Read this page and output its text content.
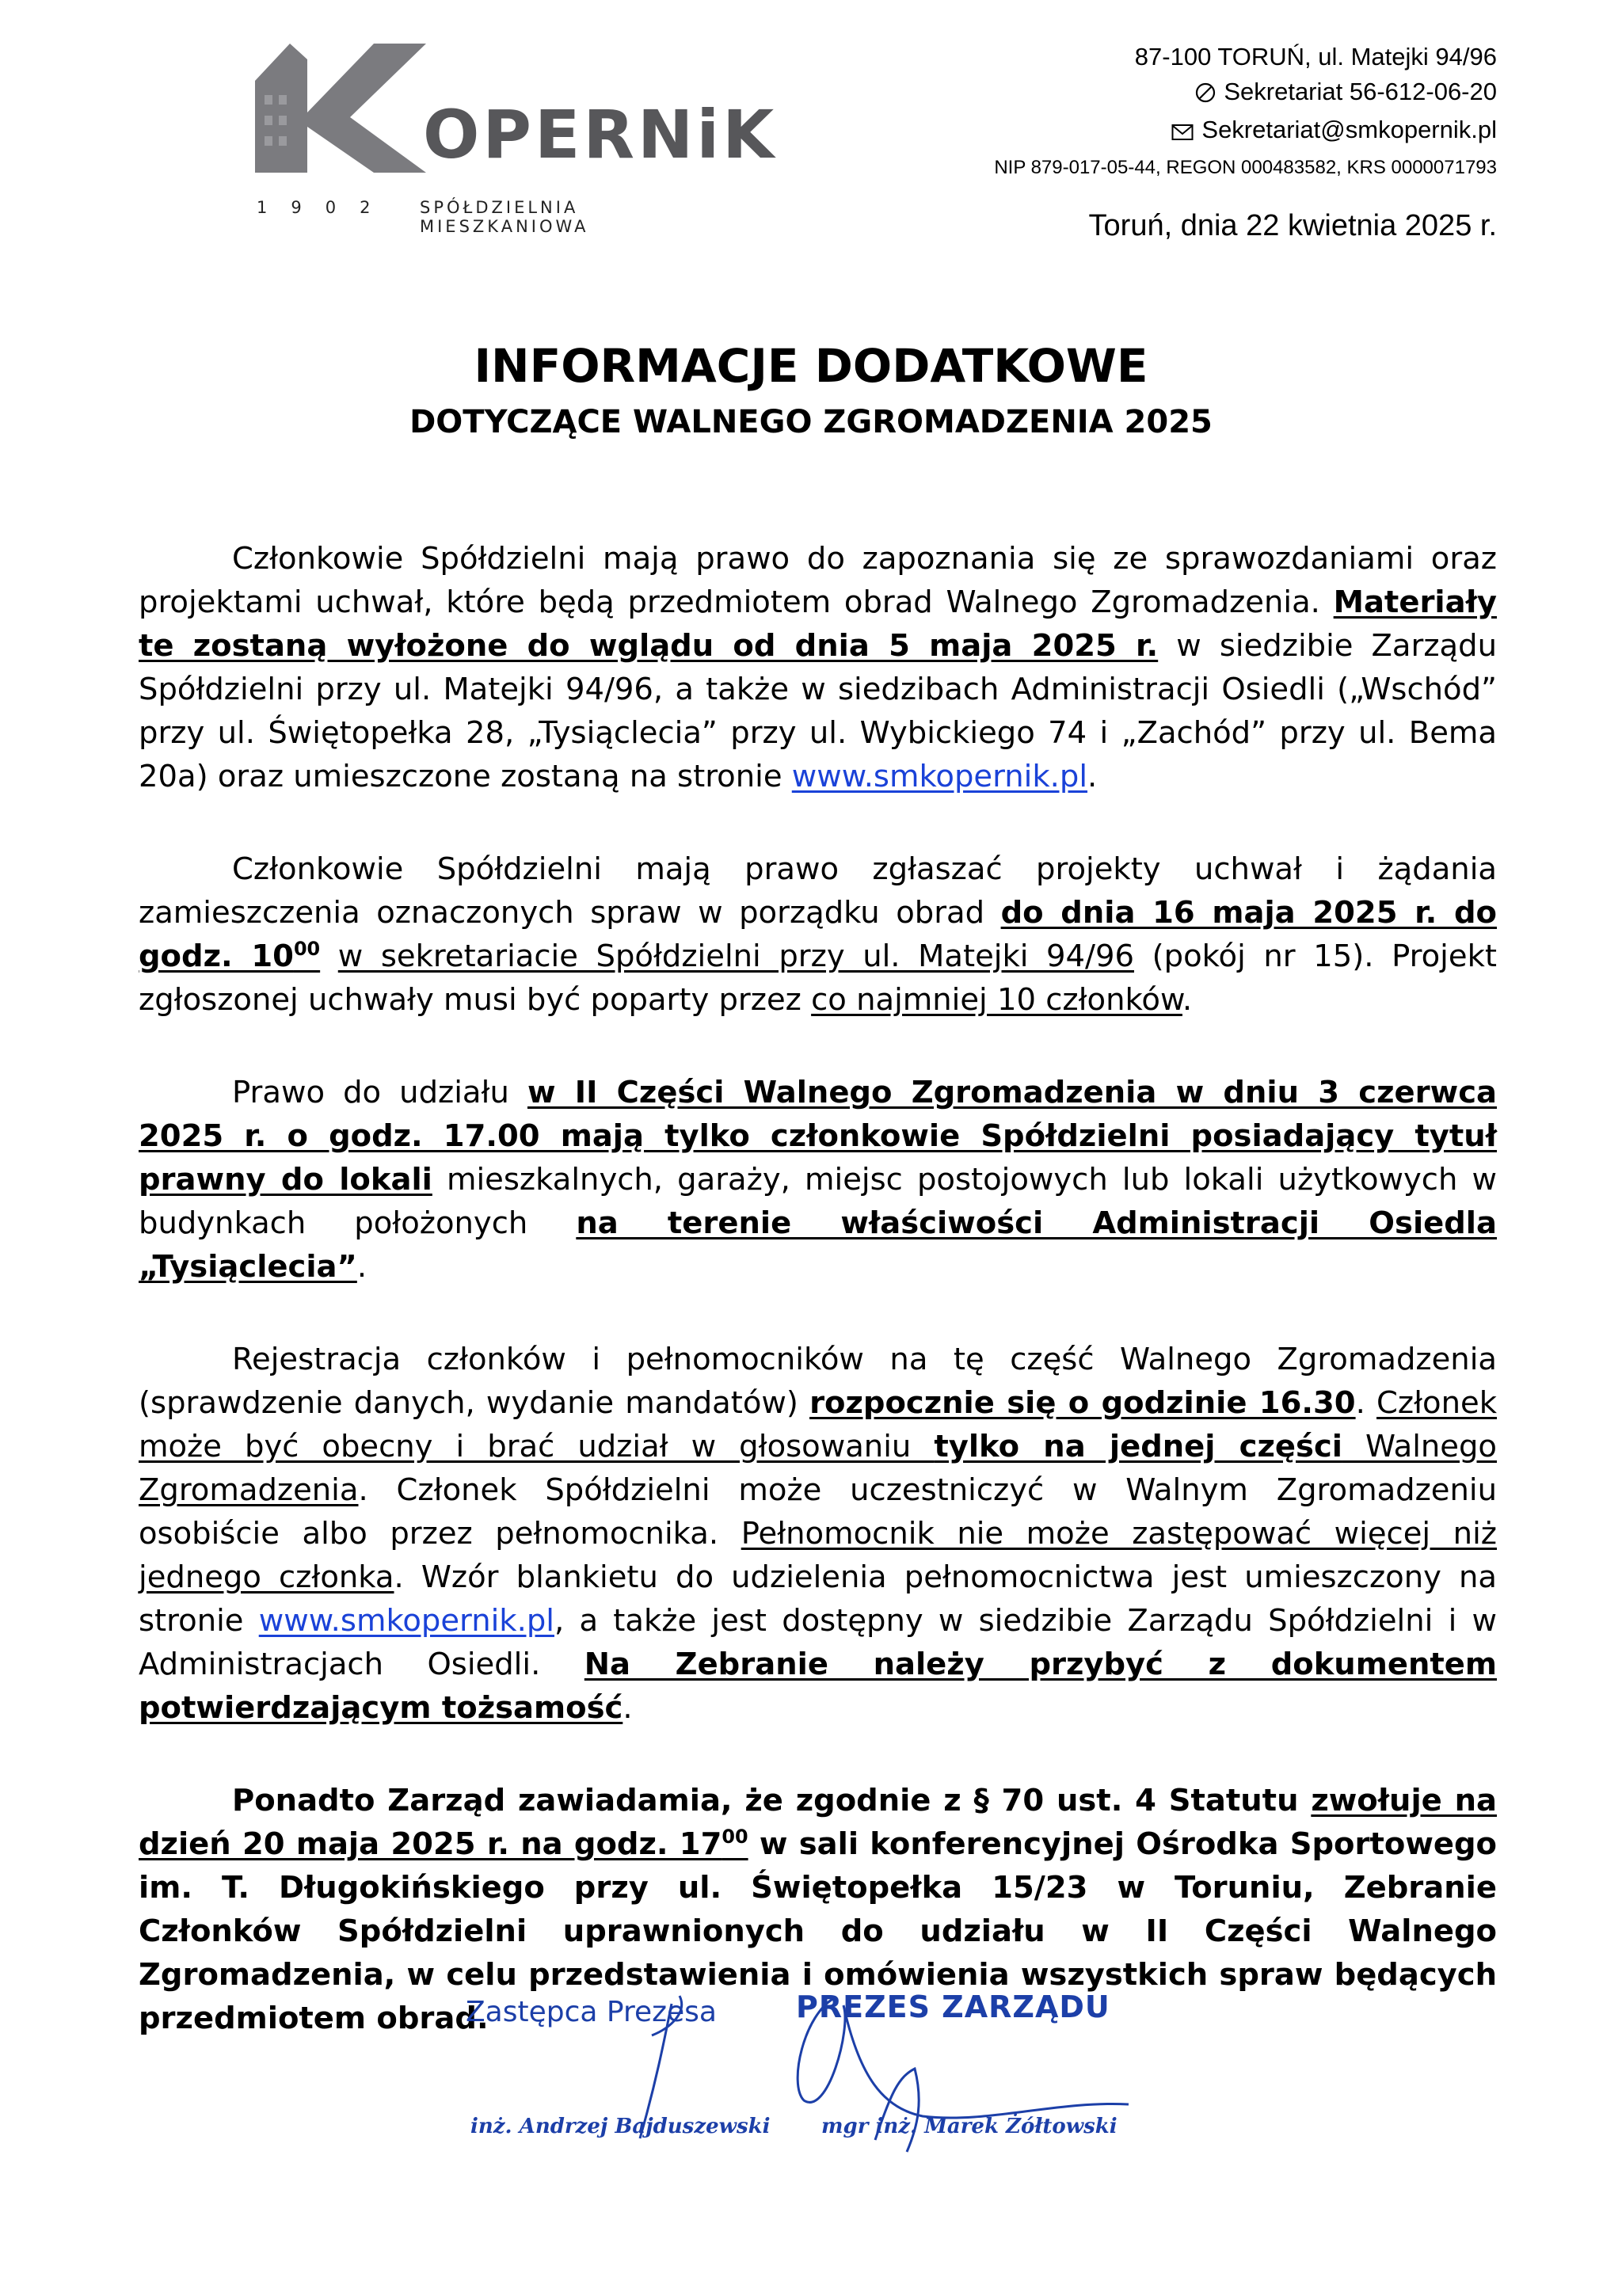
OPERNiK
1902 SPÓŁDZIELNIA MIESZKANIOWA
87-100 TORUŃ, ul. Matejki 94/96
Sekretariat 56-612-06-20
Sekretariat@smkopernik.pl
NIP 879-017-05-44, REGON 000483582, KRS 0000071793
Toruń, dnia 22 kwietnia 2025 r.
INFORMACJE DODATKOWE
DOTYCZĄCE WALNEGO ZGROMADZENIA 2025

Członkowie Spółdzielni mają prawo do zapoznania się ze sprawozdaniami oraz projektami uchwał, które będą przedmiotem obrad Walnego Zgromadzenia. Materiały te zostaną wyłożone do wglądu od dnia 5 maja 2025 r. w siedzibie Zarządu Spółdzielni przy ul. Matejki 94/96, a także w siedzibach Administracji Osiedli („Wschód” przy ul. Świętopełka 28, „Tysiąclecia” przy ul. Wybickiego 74 i „Zachód” przy ul. Bema 20a) oraz umieszczone zostaną na stronie www.smkopernik.pl.

Członkowie Spółdzielni mają prawo zgłaszać projekty uchwał i żądania zamieszczenia oznaczonych spraw w porządku obrad do dnia 16 maja 2025 r. do godz. $10^{00}$ w sekretariacie Spółdzielni przy ul. Matejki 94/96 (pokój nr 15). Projekt zgłoszonej uchwały musi być poparty przez co najmniej 10 członków.

Prawo do udziału w II Części Walnego Zgromadzenia w dniu 3 czerwca 2025 r. o godz. 17.00 mają tylko członkowie Spółdzielni posiadający tytuł prawny do lokali mieszkalnych, garaży, miejsc postojowych lub lokali użytkowych w budynkach położonych na terenie właściwości Administracji Osiedla „Tysiąclecia”.

Rejestracja członków i pełnomocników na tę część Walnego Zgromadzenia (sprawdzenie danych, wydanie mandatów) rozpocznie się o godzinie 16.30. Członek może być obecny i brać udział w głosowaniu tylko na jednej części Walnego Zgromadzenia. Członek Spółdzielni może uczestniczyć w Walnym Zgromadzeniu osobiście albo przez pełnomocnika. Pełnomocnik nie może zastępować więcej niż jednego członka. Wzór blankietu do udzielenia pełnomocnictwa jest umieszczony na stronie www.smkopernik.pl, a także jest dostępny w siedzibie Zarządu Spółdzielni i w Administracjach Osiedli. Na Zebranie należy przybyć z dokumentem potwierdzającym tożsamość.

Ponadto Zarząd zawiadamia, że zgodnie z § 70 ust. 4 Statutu zwołuje na dzień 20 maja 2025 r. na godz. $17^{00}$ w sali konferencyjnej Ośrodka Sportowego im. T. Długokińskiego przy ul. Świętopełka 15/23 w Toruniu, Zebranie Członków Spółdzielni uprawnionych do udziału w II Części Walnego Zgromadzenia, w celu przedstawienia i omówienia wszystkich spraw będących przedmiotem obrad.

Zastępca Prezesa
inż. Andrzej Bajduszewski
PREZES ZARZĄDU
mgr inż. Marek Żółtowski
